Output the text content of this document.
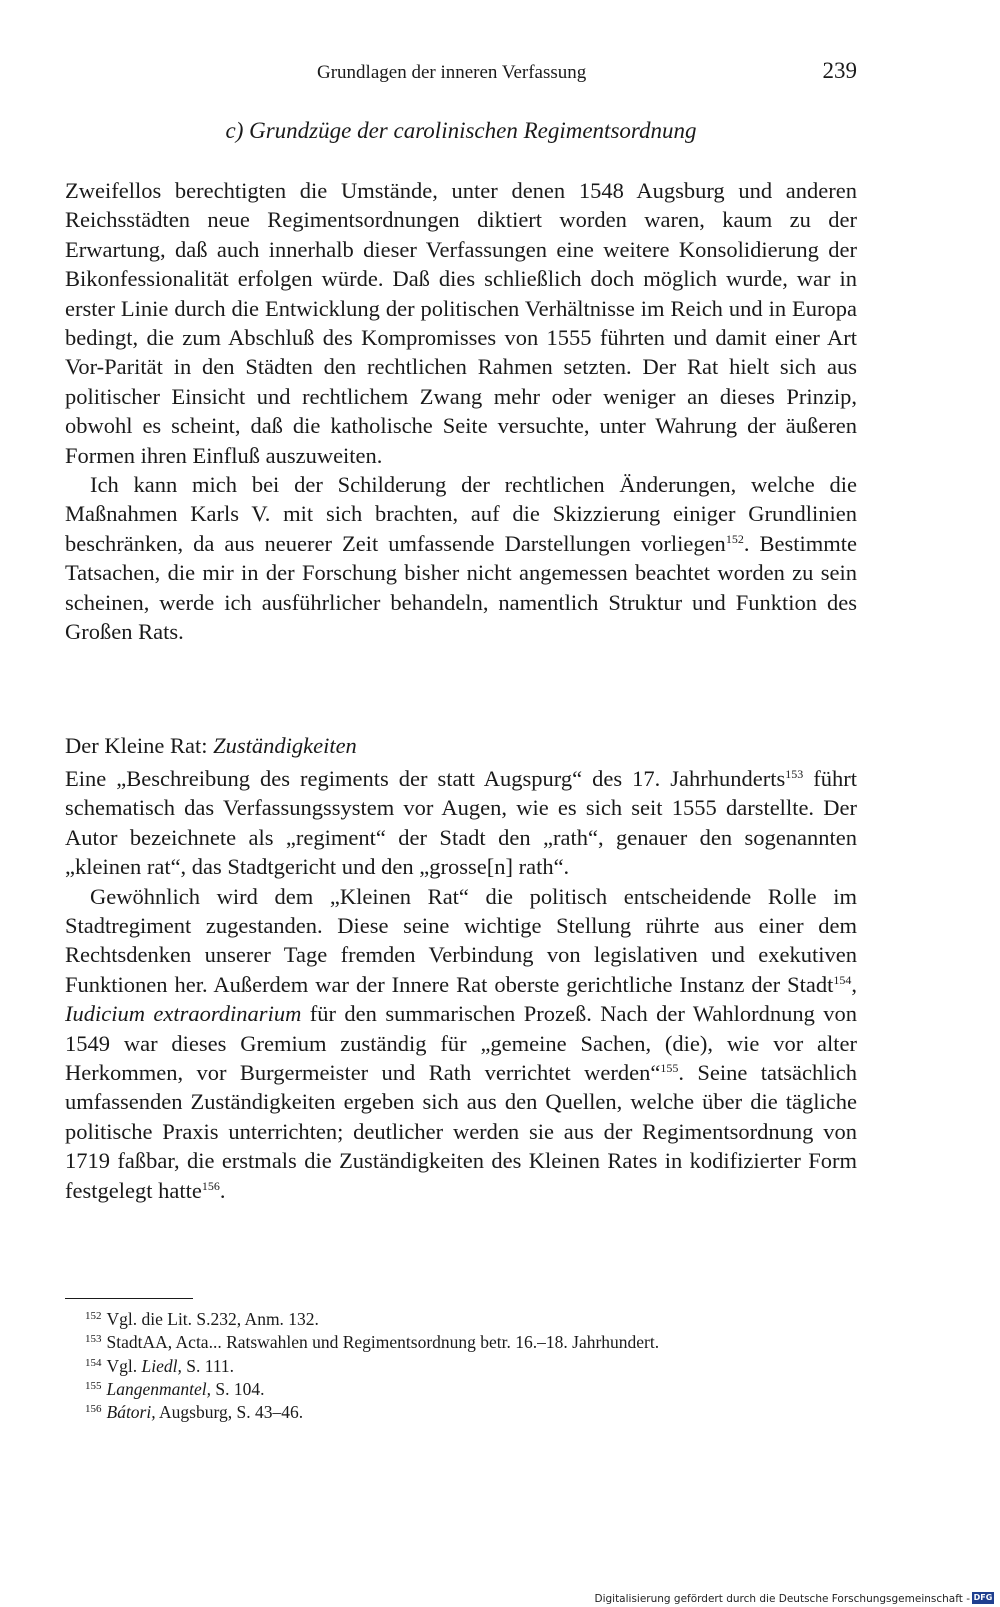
Grundlagen der inneren Verfassung	239
c) Grundzüge der carolinischen Regimentsordnung

Zweifellos berechtigten die Umstände, unter denen 1548 Augsburg und anderen Reichsstädten neue Regimentsordnungen diktiert worden waren, kaum zu der Erwartung, daß auch innerhalb dieser Verfassungen eine weitere Konsolidierung der Bikonfessionalität erfolgen würde. Daß dies schließlich doch möglich wurde, war in erster Linie durch die Entwicklung der politischen Verhältnisse im Reich und in Europa bedingt, die zum Abschluß des Kompromisses von 1555 führten und damit einer Art Vor-Parität in den Städten den rechtlichen Rahmen setzten. Der Rat hielt sich aus politischer Einsicht und rechtlichem Zwang mehr oder weniger an dieses Prinzip, obwohl es scheint, daß die katholische Seite versuchte, unter Wahrung der äußeren Formen ihren Einfluß auszuweiten.

Ich kann mich bei der Schilderung der rechtlichen Änderungen, welche die Maßnahmen Karls V. mit sich brachten, auf die Skizzierung einiger Grundlinien beschränken, da aus neuerer Zeit umfassende Darstellungen vorliegen$^{152}$. Bestimmte Tatsachen, die mir in der Forschung bisher nicht angemessen beachtet worden zu sein scheinen, werde ich ausführlicher behandeln, namentlich Struktur und Funktion des Großen Rats.

Der Kleine Rat: Zuständigkeiten

Eine „Beschreibung des regiments der statt Augspurg“ des 17. Jahrhunderts$^{153}$ führt schematisch das Verfassungssystem vor Augen, wie es sich seit 1555 darstellte. Der Autor bezeichnete als „regiment“ der Stadt den „rath“, genauer den sogenannten „kleinen rat“, das Stadtgericht und den „grosse[n] rath“.

Gewöhnlich wird dem „Kleinen Rat“ die politisch entscheidende Rolle im Stadtregiment zugestanden. Diese seine wichtige Stellung rührte aus einer dem Rechtsdenken unserer Tage fremden Verbindung von legislativen und exekutiven Funktionen her. Außerdem war der Innere Rat oberste gerichtliche Instanz der Stadt$^{154}$, Iudicium extraordinarium für den summarischen Prozeß. Nach der Wahlordnung von 1549 war dieses Gremium zuständig für „gemeine Sachen, (die), wie vor alter Herkommen, vor Burgermeister und Rath verrichtet werden“$^{155}$. Seine tatsächlich umfassenden Zuständigkeiten ergeben sich aus den Quellen, welche über die tägliche politische Praxis unterrichten; deutlicher werden sie aus der Regimentsordnung von 1719 faßbar, die erstmals die Zuständigkeiten des Kleinen Rates in kodifizierter Form festgelegt hatte$^{156}$.

$^{152}$ Vgl. die Lit. S.232, Anm. 132.

$^{153}$ StadtAA, Acta... Ratswahlen und Regimentsordnung betr. 16.–18. Jahrhundert.

$^{154}$ Vgl. Liedl, S. 111.

$^{155}$ Langenmantel, S. 104.

$^{156}$ Bátori, Augsburg, S. 43–46.

Digitalisierung gefördert durch die Deutsche Forschungsgemeinschaft - DFG
